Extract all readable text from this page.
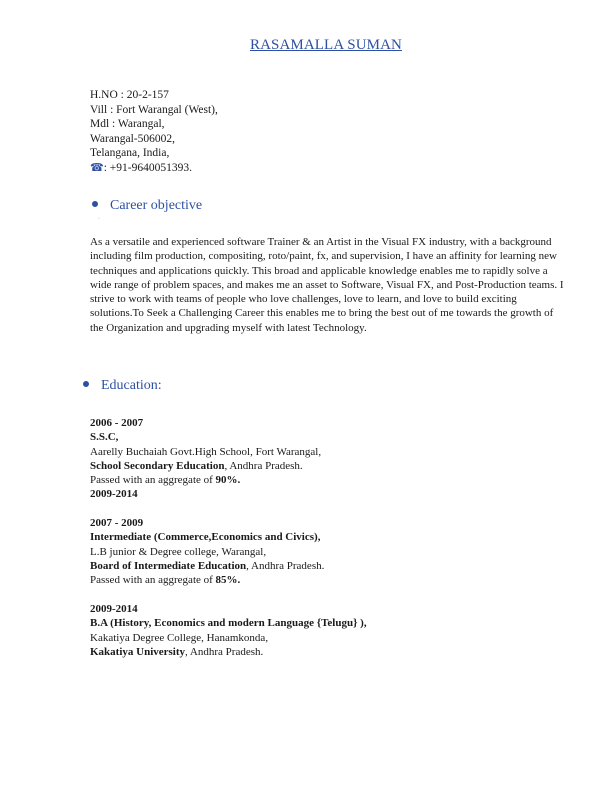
RASAMALLA SUMAN
H.NO : 20-2-157
Vill : Fort Warangal (West),
Mdl : Warangal,
Warangal-506002,
Telangana, India,
☎: +91-9640051393.
Career objective
·
As a versatile and experienced software Trainer & an Artist in the Visual FX industry, with a background including film production, compositing, roto/paint, fx, and supervision, I have an affinity for learning new techniques and applications quickly. This broad and applicable knowledge enables me to rapidly solve a wide range of problem spaces, and makes me an asset to Software, Visual FX, and Post-Production teams. I strive to work with teams of people who love challenges, love to learn, and love to build exciting solutions.To Seek a Challenging Career this enables me to bring the best out of me towards the growth of the Organization and upgrading myself with latest Technology.
Education:
2006 - 2007
S.S.C,
Aarelly Buchaiah Govt.High School, Fort Warangal,
School Secondary Education, Andhra Pradesh.
Passed with an aggregate of 90%.
2009-2014
2007 - 2009
Intermediate (Commerce,Economics and Civics),
L.B junior & Degree college, Warangal,
Board of Intermediate Education, Andhra Pradesh.
Passed with an aggregate of 85%.
2009-2014
B.A (History, Economics and modern Language {Telugu} ),
Kakatiya Degree College, Hanamkonda,
Kakatiya University, Andhra Pradesh.
